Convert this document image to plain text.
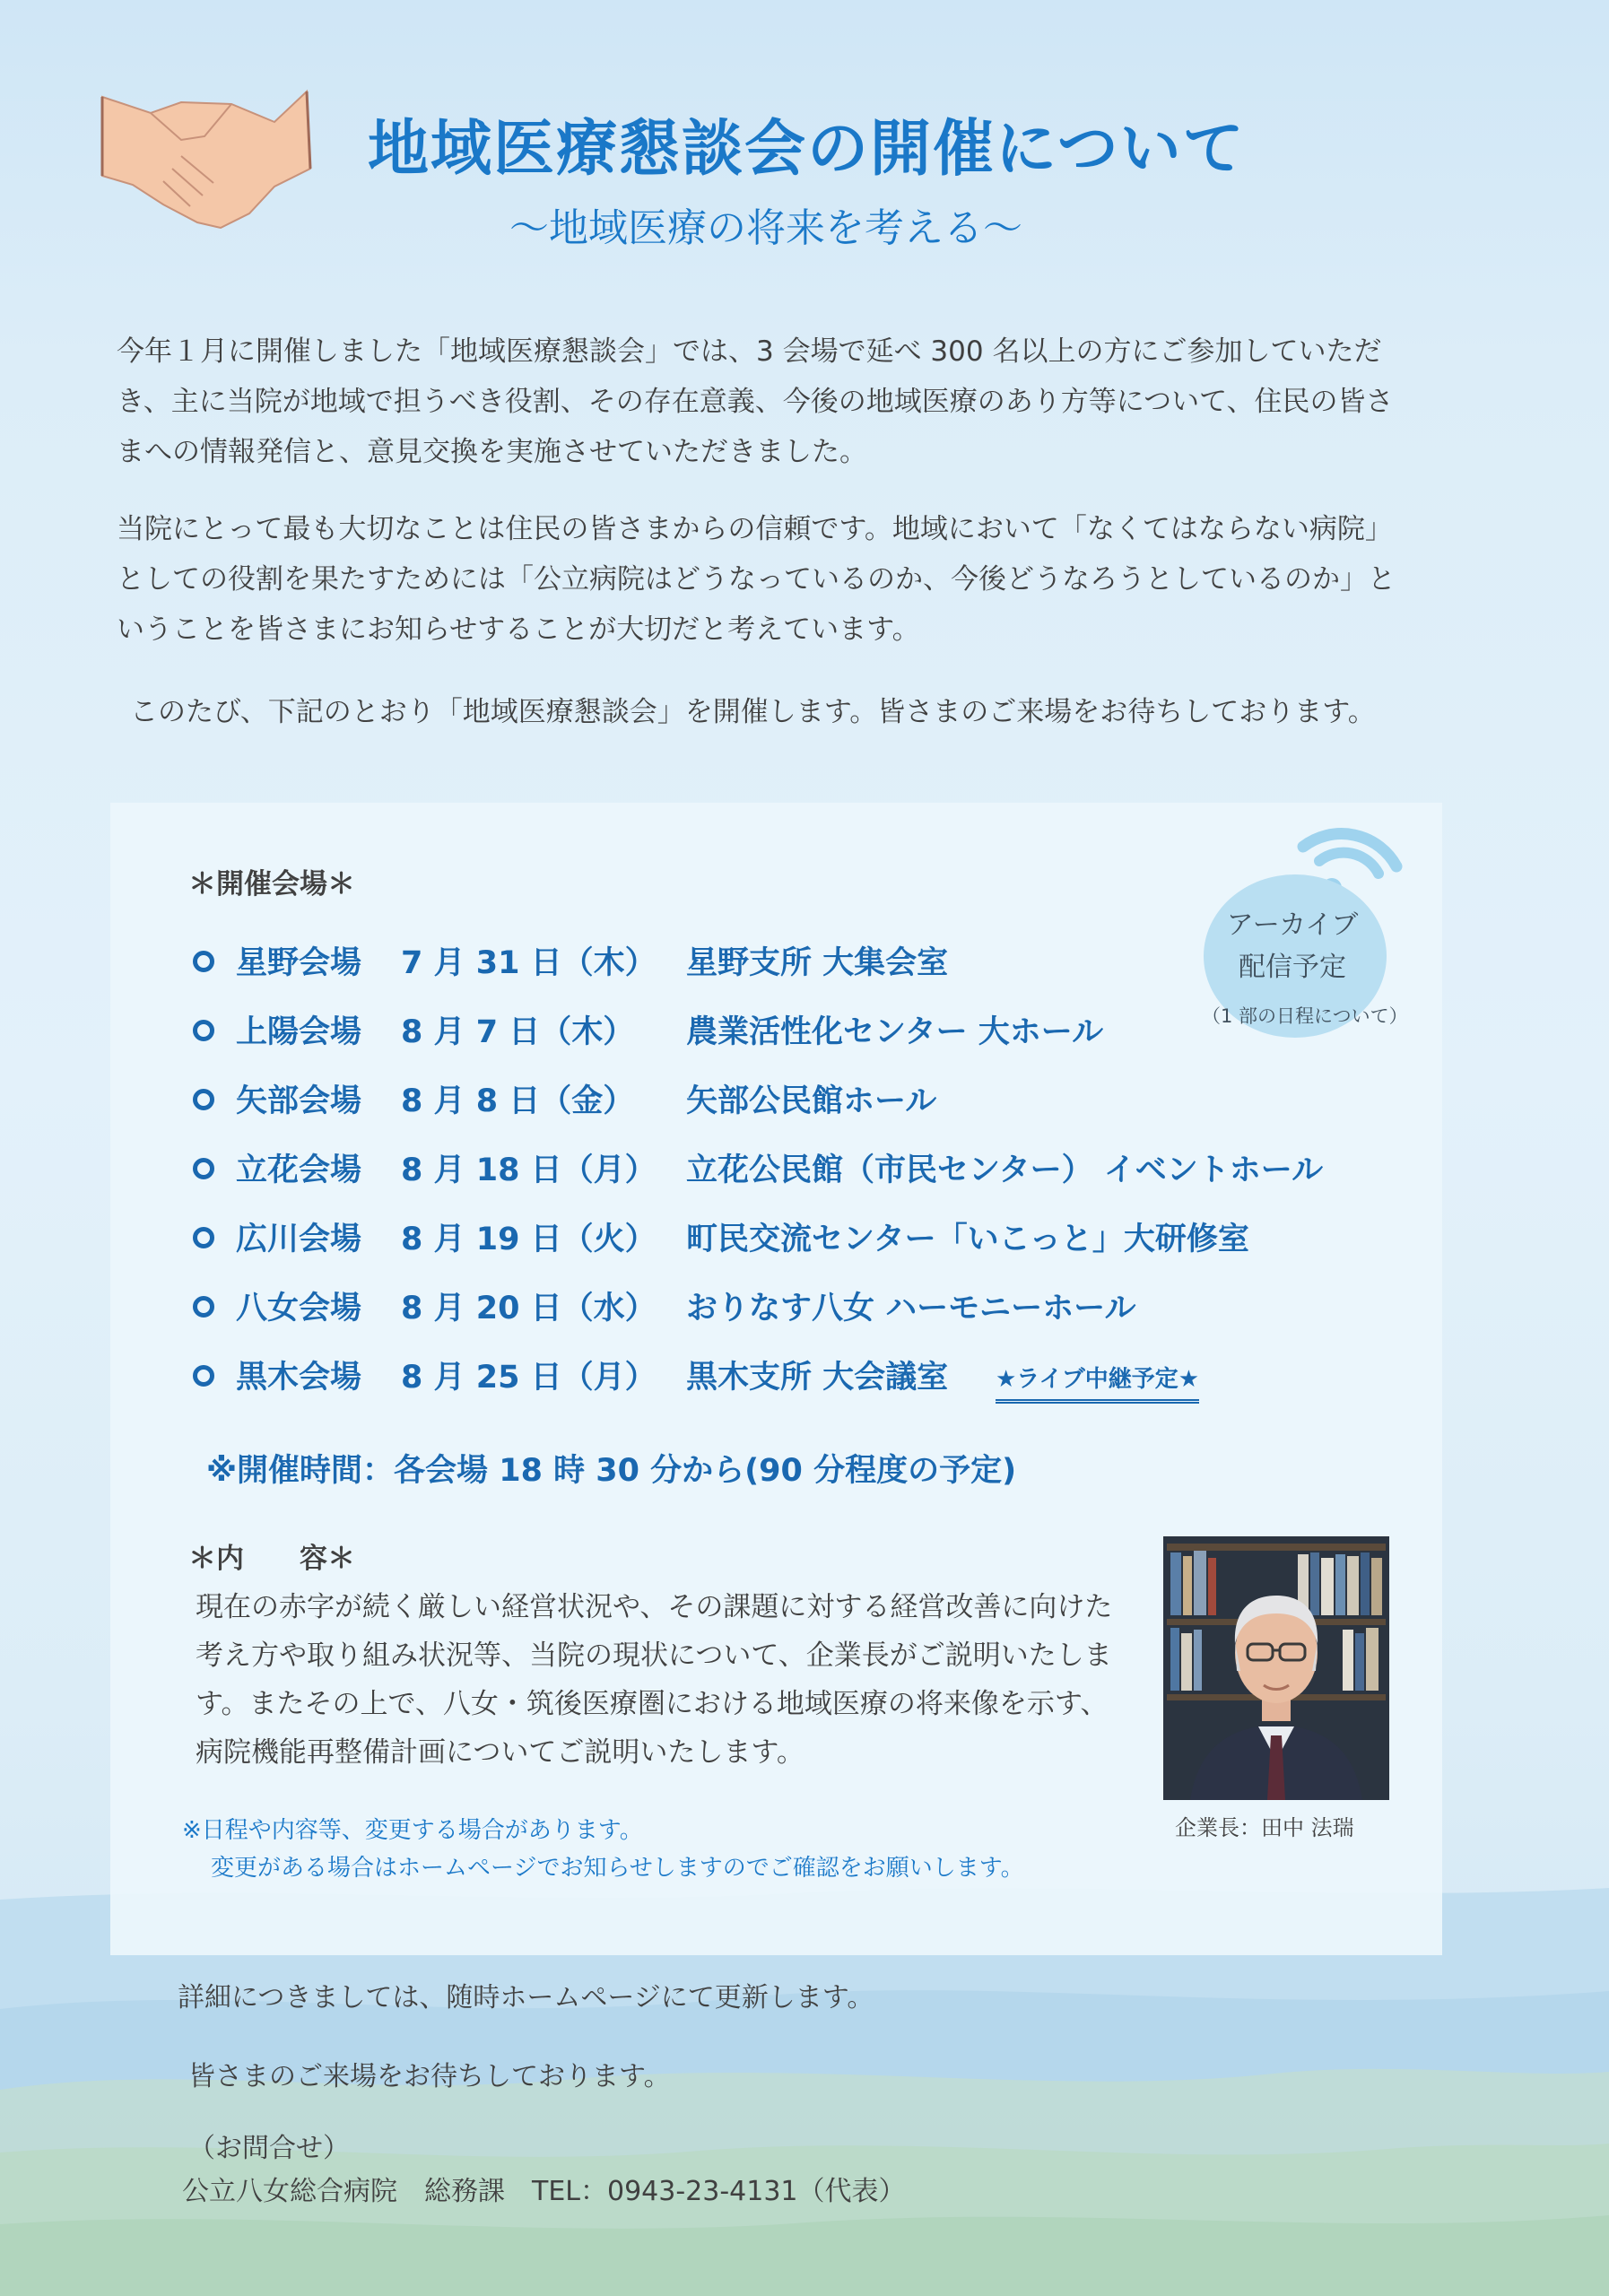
地域医療懇談会の開催について
～地域医療の将来を考える～
今年１月に開催しました「地域医療懇談会」では、3 会場で延べ 300 名以上の方にご参加していただ
き、主に当院が地域で担うべき役割、その存在意義、今後の地域医療のあり方等について、住民の皆さ
まへの情報発信と、意見交換を実施させていただきました。
当院にとって最も大切なことは住民の皆さまからの信頼です。地域において「なくてはならない病院」
としての役割を果たすためには「公立病院はどうなっているのか、今後どうなろうとしているのか」と
いうことを皆さまにお知らせすることが大切だと考えています。
このたび、下記のとおり「地域医療懇談会」を開催します。皆さまのご来場をお待ちしております。
＊開催会場＊
アーカイブ
配信予定
（1 部の日程について）
星野会場 7 月 31 日（木） 星野支所 大集会室
上陽会場 8 月 7 日（木） 農業活性化センター 大ホール
矢部会場 8 月 8 日（金） 矢部公民館ホール
立花会場 8 月 18 日（月） 立花公民館（市民センター） イベントホール
広川会場 8 月 19 日（火） 町民交流センター「いこっと」大研修室
八女会場 8 月 20 日（水） おりなす八女 ハーモニーホール
黒木会場 8 月 25 日（月） 黒木支所 大会議室 ★ライブ中継予定★
※開催時間：各会場 18 時 30 分から(90 分程度の予定)
＊内　　容＊
現在の赤字が続く厳しい経営状況や、その課題に対する経営改善に向けた
考え方や取り組み状況等、当院の現状について、企業長がご説明いたしま
す。またその上で、八女・筑後医療圏における地域医療の将来像を示す、
病院機能再整備計画についてご説明いたします。
企業長：田中 法瑞
※日程や内容等、変更する場合があります。
変更がある場合はホームページでお知らせしますのでご確認をお願いします。
詳細につきましては、随時ホームページにて更新します。
皆さまのご来場をお待ちしております。
（お問合せ）
公立八女総合病院　総務課　TEL：0943-23-4131（代表）
